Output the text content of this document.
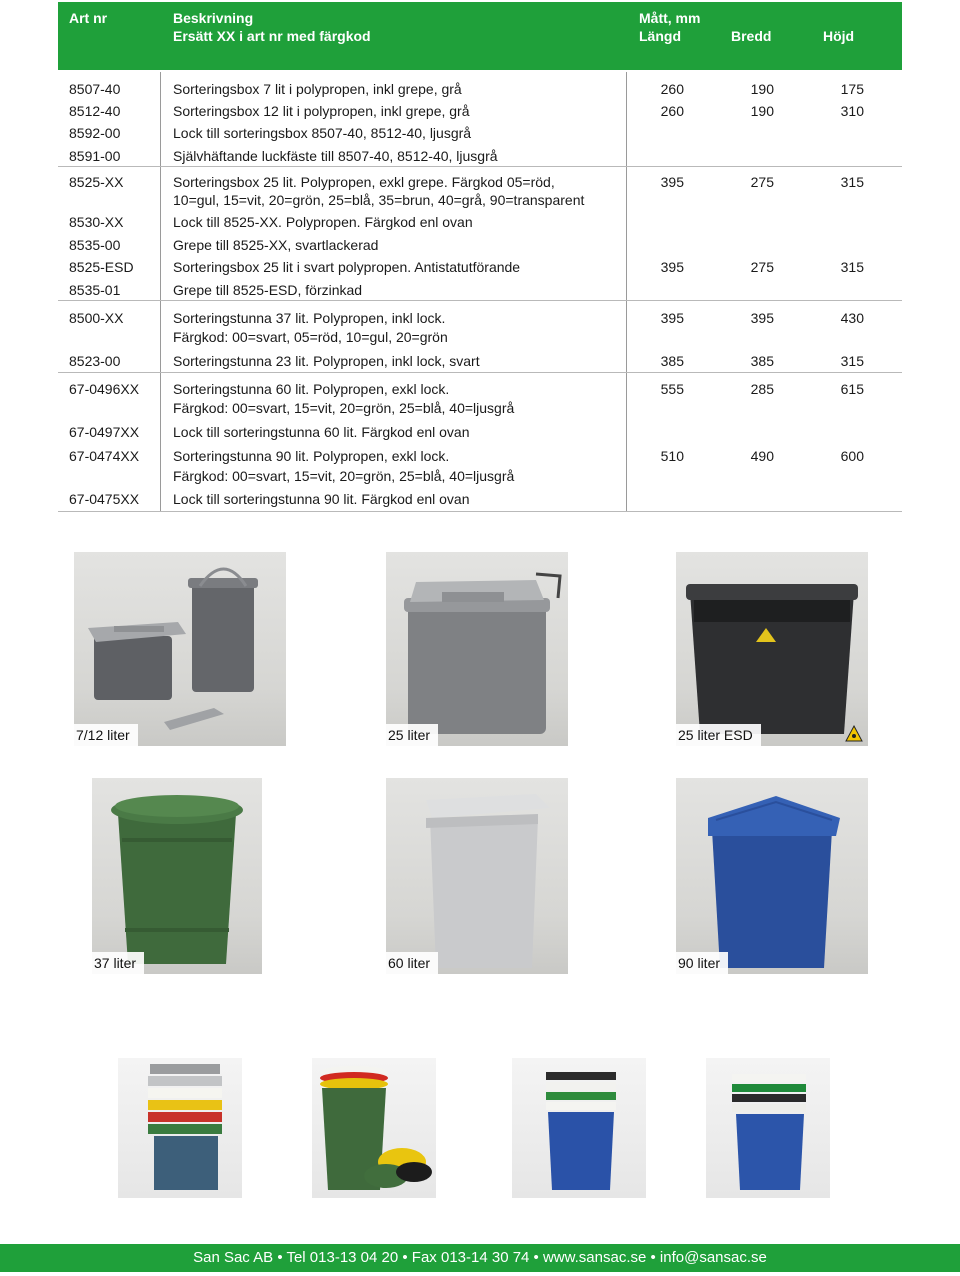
Art nr	Beskrivning
Ersätt XX i art nr med färgkod
Mått, mm
Längd	Bredd	Höjd
8507-40	Sorteringsbox 7 lit i polypropen, inkl grepe, grå	260	190	175
8512-40	Sorteringsbox 12 lit i polypropen, inkl grepe, grå	260	190	310
8592-00	Lock till sorteringsbox 8507-40, 8512-40, ljusgrå
8591-00	Självhäftande luckfäste till 8507-40, 8512-40, ljusgrå
8525-XX	Sorteringsbox 25 lit. Polypropen, exkl grepe. Färgkod 05=röd,
10=gul, 15=vit, 20=grön, 25=blå, 35=brun, 40=grå, 90=transparent
395	275	315
8530-XX	Lock till 8525-XX. Polypropen. Färgkod enl ovan
8535-00	Grepe till 8525-XX, svartlackerad
8525-ESD	Sorteringsbox 25 lit i svart polypropen. Antistatutförande	395	275	315
8535-01	Grepe till 8525-ESD, förzinkad
8500-XX	Sorteringstunna 37 lit. Polypropen, inkl lock.
Färgkod: 00=svart, 05=röd, 10=gul, 20=grön
395	395	430
8523-00	Sorteringstunna 23 lit. Polypropen, inkl lock, svart	385	385	315
67-0496XX Sorteringstunna 60 lit. Polypropen, exkl lock.
Färgkod: 00=svart, 15=vit, 20=grön, 25=blå, 40=ljusgrå
555	285	615
67-0497XX Lock till sorteringstunna 60 lit. Färgkod enl ovan
67-0474XX Sorteringstunna 90 lit. Polypropen, exkl lock.
Färgkod: 00=svart, 15=vit, 20=grön, 25=blå, 40=ljusgrå
510	490	600
67-0475XX Lock till sorteringstunna 90 lit. Färgkod enl ovan
7/12 liter	25 liter	25 liter ESD
37 liter	60 liter	90 liter
San Sac AB • Tel 013-13 04 20 • Fax 013-14 30 74 • www.sansac.se • info@sansac.se
